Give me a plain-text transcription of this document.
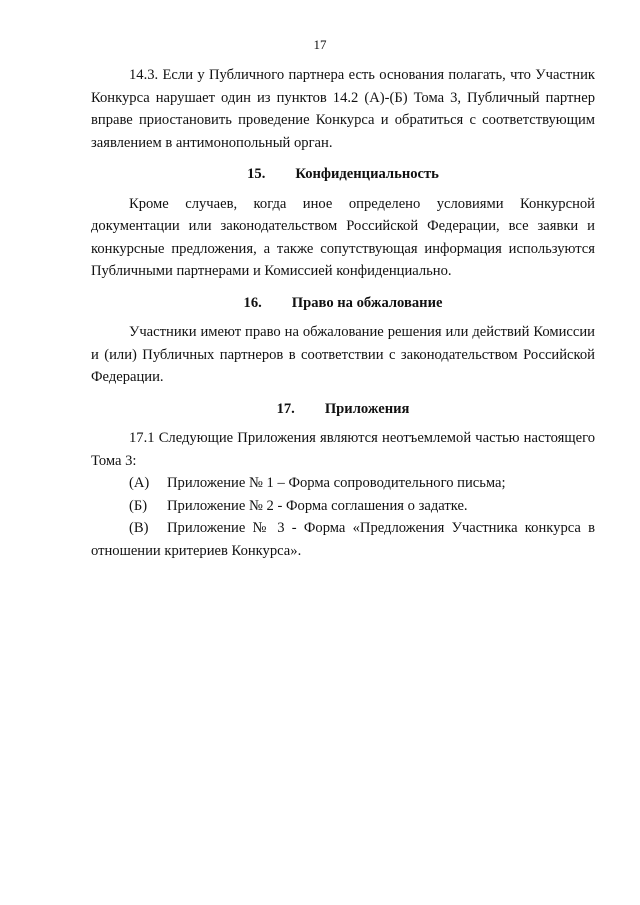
17

14.3. Если у Публичного партнера есть основания полагать, что Участник Конкурса нарушает один из пунктов 14.2 (А)-(Б) Тома 3, Публичный партнер вправе приостановить проведение Конкурса и обратиться с соответствующим заявлением в антимонопольный орган.

15. Конфиденциальность

Кроме случаев, когда иное определено условиями Конкурсной документации или законодательством Российской Федерации, все заявки и конкурсные предложения, а также сопутствующая информация используются Публичными партнерами и Комиссией конфиденциально.

16. Право на обжалование

Участники имеют право на обжалование решения или действий Комиссии и (или) Публичных партнеров в соответствии с законодательством Российской Федерации.

17. Приложения

17.1 Следующие Приложения являются неотъемлемой частью настоящего Тома 3:

(А) Приложение № 1 – Форма сопроводительного письма;

(Б) Приложение № 2 - Форма соглашения о задатке.

(В) Приложение № 3 - Форма «Предложения Участника конкурса в отношении критериев Конкурса».
